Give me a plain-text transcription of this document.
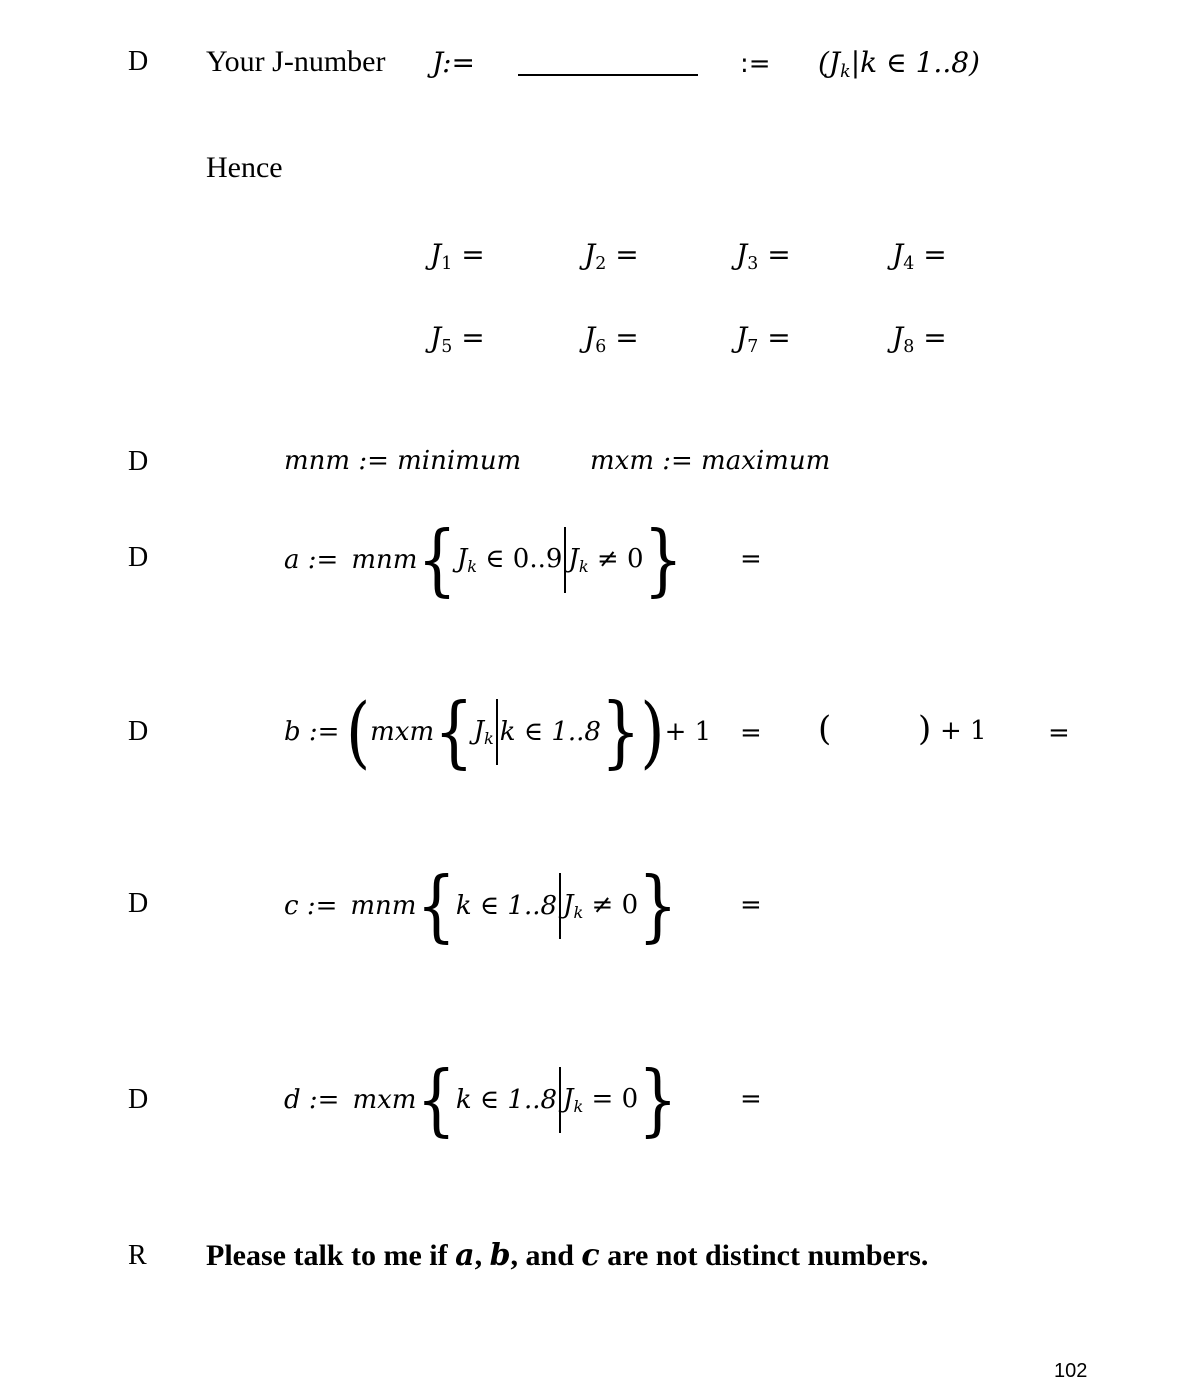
D Your J-number J:=	:= (Jk|k ∈ 1..8)
Hence
$J_1$ =	$J_2$ =	$J_3$ =	$J_4$ =
$J_5$ =	$J_6$ =	$J_7$ =	$J_8$ =
D	mnm := minimum	mxm := maximum
D	a :=
mnm { Jk ∈ 0..9 Jk ≠ 0 } =
D	b :=
( mxm { Jk k ∈ 1..8 } ) + 1 = (	) + 1 =
D	c :=
mnm { k ∈ 1..8 Jk ≠ 0 } =
D	d :=
mxm { k ∈ 1..8 Jk = 0 } =
R Please talk to me if a, b, and c are not distinct numbers.
102
